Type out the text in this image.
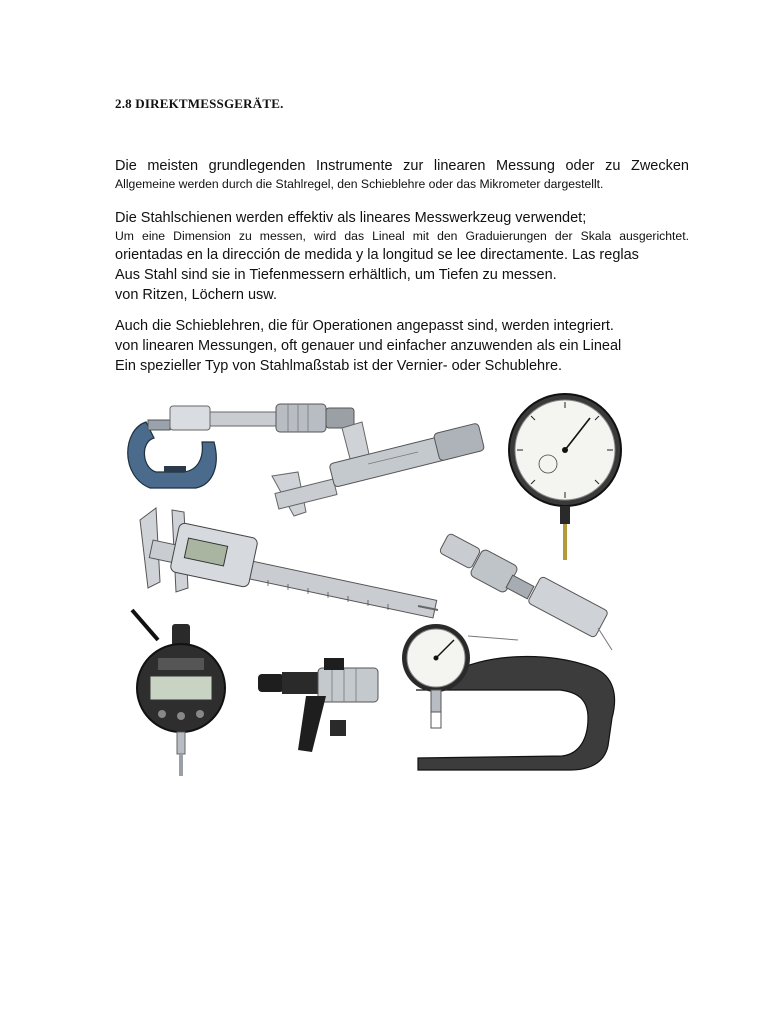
2.8 DIREKTMESSGERÄTE.
Die meisten grundlegenden Instrumente zur linearen Messung oder zu Zwecken
Allgemeine werden durch die Stahlregel, den Schieblehre oder das Mikrometer dargestellt.
Die Stahlschienen werden effektiv als lineares Messwerkzeug verwendet;
Um eine Dimension zu messen, wird das Lineal mit den Graduierungen der Skala ausgerichtet.
orientadas en la dirección de medida y la longitud se lee directamente. Las reglas
Aus Stahl sind sie in Tiefenmessern erhältlich, um Tiefen zu messen.
von Ritzen, Löchern usw.
Auch die Schieblehren, die für Operationen angepasst sind, werden integriert.
von linearen Messungen, oft genauer und einfacher anzuwenden als ein Lineal
Ein spezieller Typ von Stahlmaßstab ist der Vernier- oder Schublehre.
